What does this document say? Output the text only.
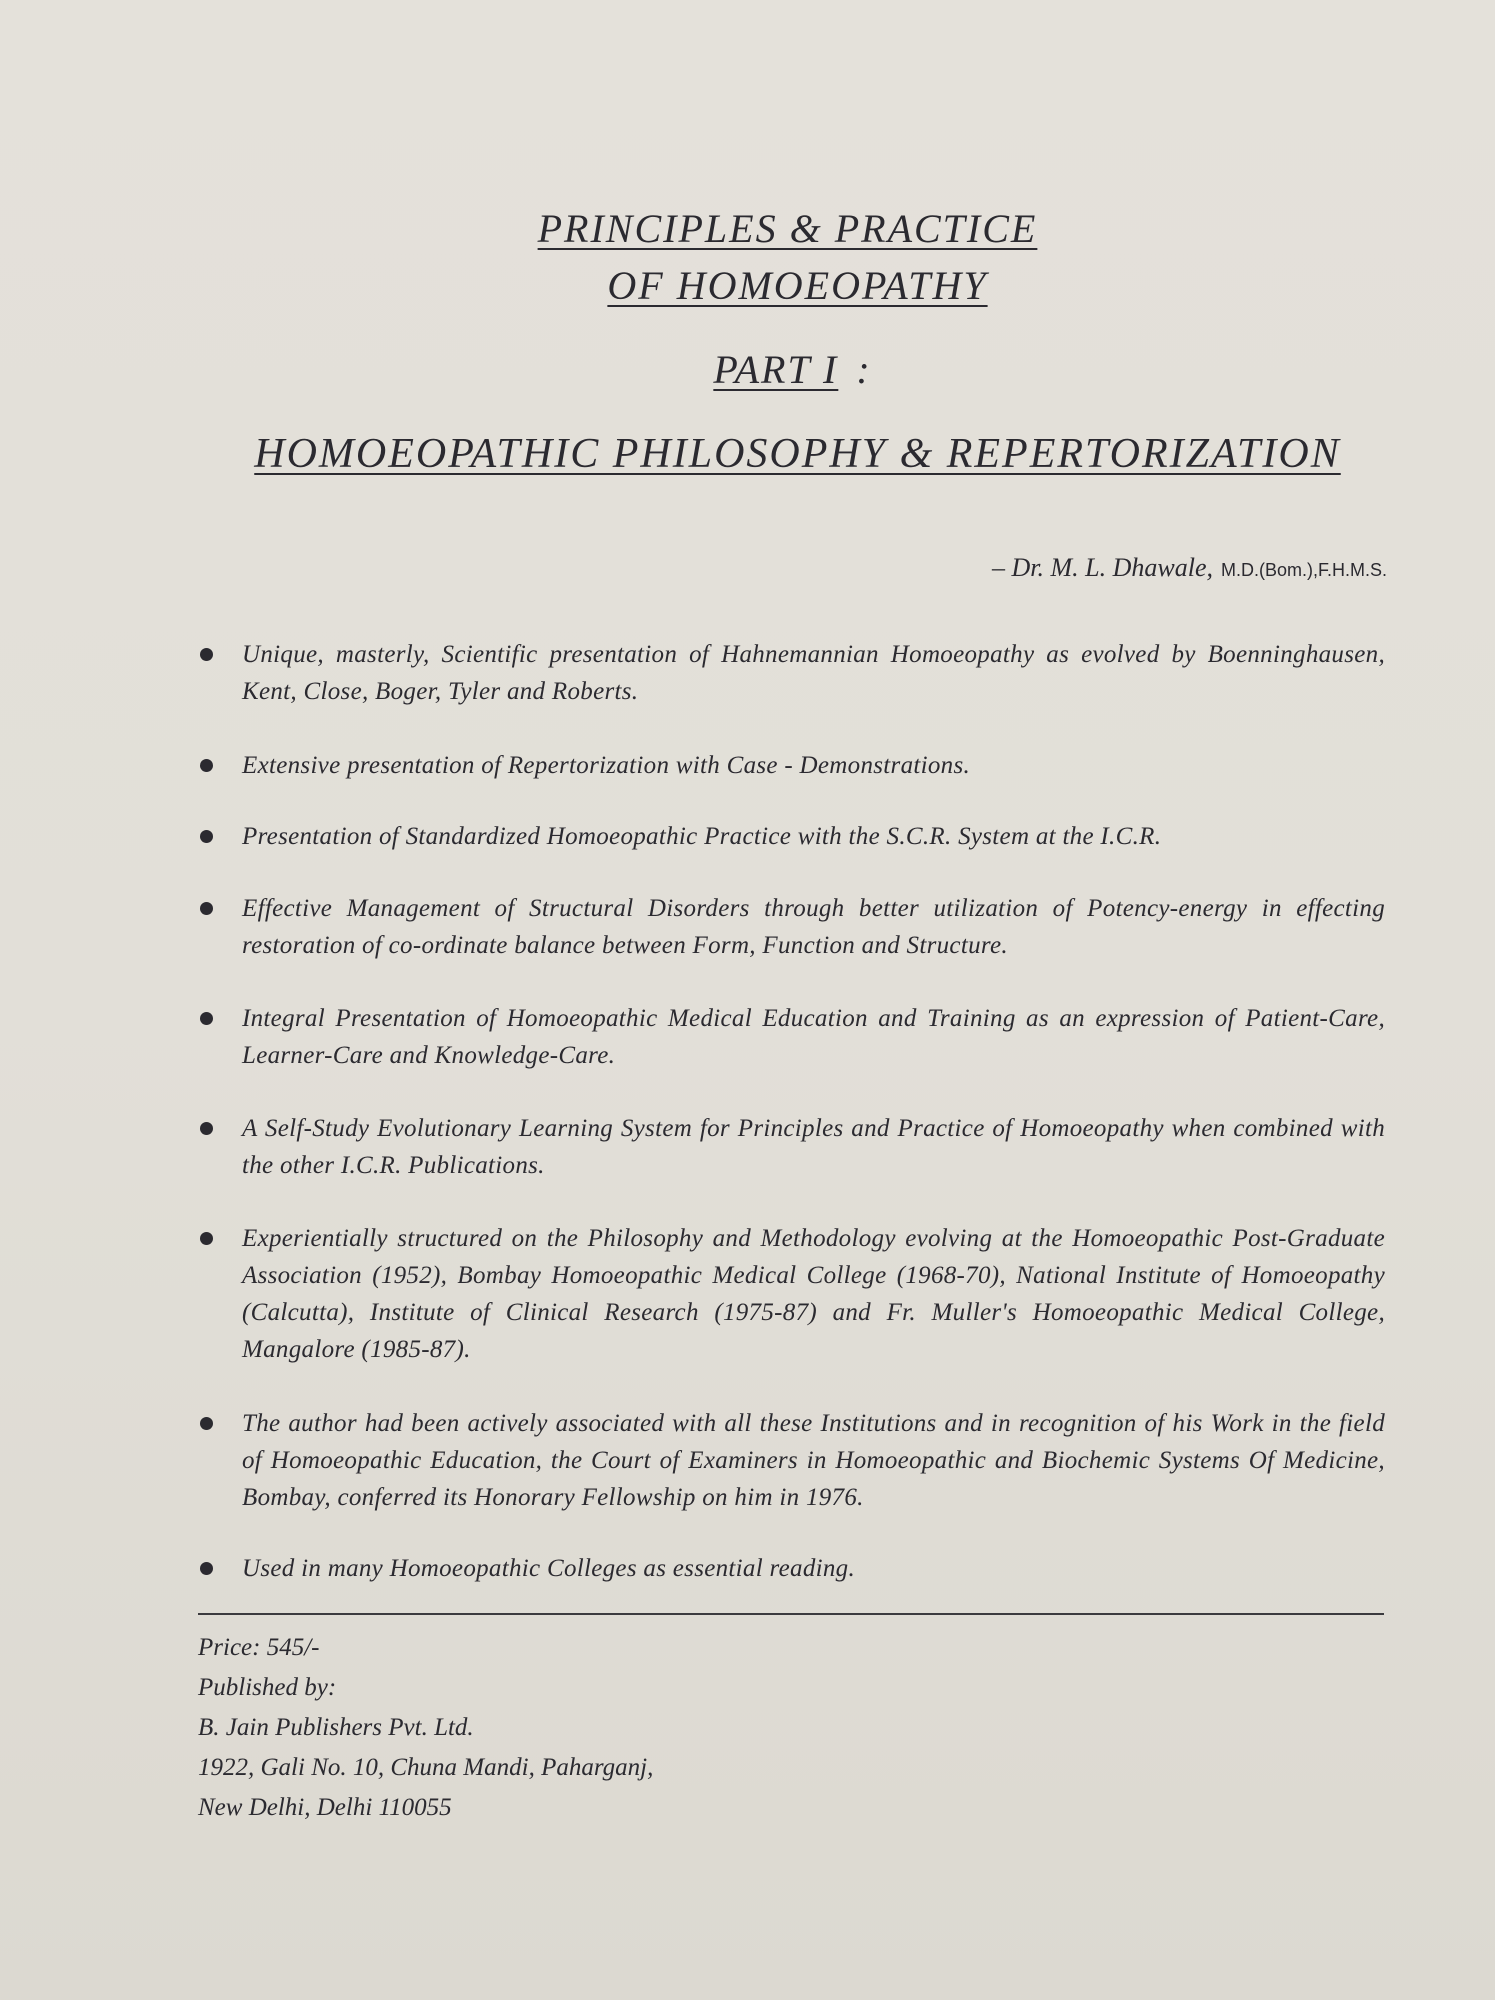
PRINCIPLES & PRACTICE
OF HOMOEOPATHY
PART I :
HOMOEOPATHIC PHILOSOPHY & REPERTORIZATION
– Dr. M. L. Dhawale, M.D.(Bom.),F.H.M.S.
Unique, masterly, Scientific presentation of Hahnemannian Homoeopathy as evolved by Boenninghausen, Kent, Close, Boger, Tyler and Roberts.
Extensive presentation of Repertorization with Case - Demonstrations.
Presentation of Standardized Homoeopathic Practice with the S.C.R. System at the I.C.R.
Effective Management of Structural Disorders through better utilization of Potency-energy in effecting restoration of co-ordinate balance between Form, Function and Structure.
Integral Presentation of Homoeopathic Medical Education and Training as an expression of Patient-Care, Learner-Care and Knowledge-Care.
A Self-Study Evolutionary Learning System for Principles and Practice of Homoeopathy when combined with the other I.C.R. Publications.
Experientially structured on the Philosophy and Methodology evolving at the Homoeopathic Post-Graduate Association (1952), Bombay Homoeopathic Medical College (1968-70), National Institute of Homoeopathy (Calcutta), Institute of Clinical Research (1975-87) and Fr. Muller's Homoeopathic Medical College, Mangalore (1985-87).
The author had been actively associated with all these Institutions and in recognition of his Work in the field of Homoeopathic Education, the Court of Examiners in Homoeopathic and Biochemic Systems Of Medicine, Bombay, conferred its Honorary Fellowship on him in 1976.
Used in many Homoeopathic Colleges as essential reading.
Price: 545/-
Published by:
B. Jain Publishers Pvt. Ltd.
1922, Gali No. 10, Chuna Mandi, Paharganj,
New Delhi, Delhi 110055
